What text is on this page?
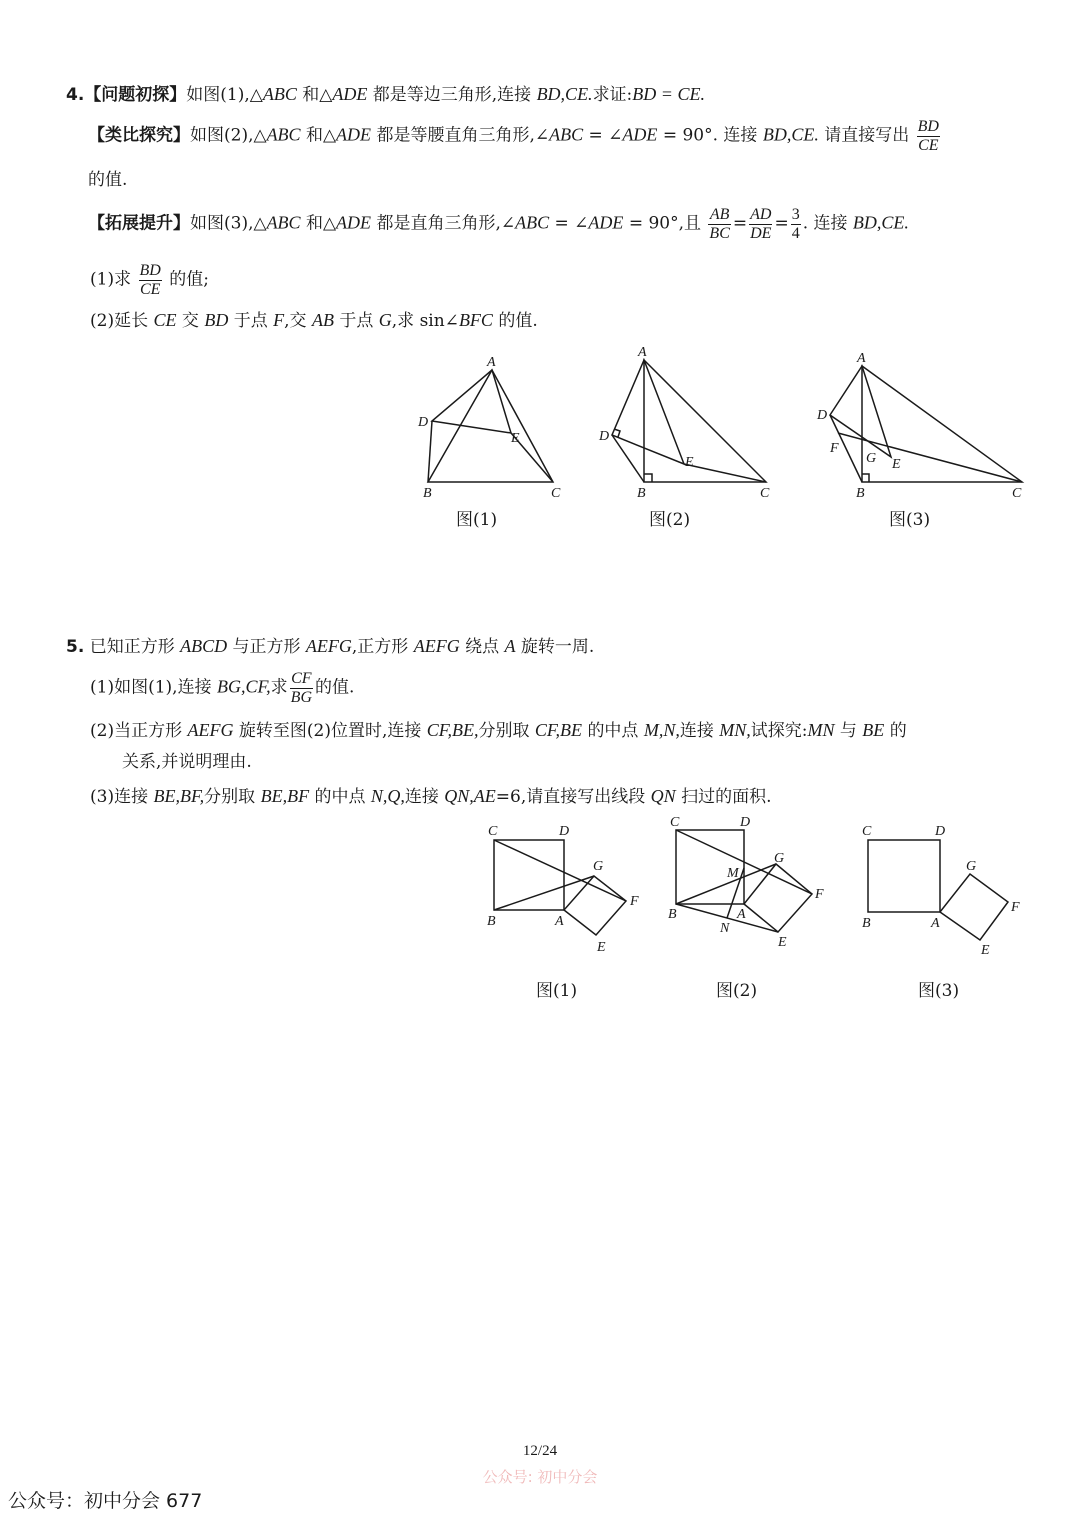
4.【问题初探】如图(1),△ABC 和△ADE 都是等边三角形,连接 BD,CE.求证:BD = CE.
【类比探究】如图(2),△ABC 和△ADE 都是等腰直角三角形,∠ABC = ∠ADE = 90°. 连接 BD,CE. 请直接写出 $\frac{BD}{CE}$
的值.
【拓展提升】如图(3),△ABC 和△ADE 都是直角三角形,∠ABC = ∠ADE = 90°,且 $\frac{AB}{BC} = \frac{AD}{DE} = \frac{3}{4}$ . 连接 BD,CE.
(1)求 $\frac{BD}{CE}$ 的值;
(2)延长 CE 交 BD 于点 F,交 AB 于点 G,求 sin∠BFC 的值.
A
D
E
B	C
A
D
E
B	C
A
D
F
G E
B	C
图(1)	图(2)	图(3)
5. 已知正方形 ABCD 与正方形 AEFG,正方形 AEFG 绕点 A 旋转一周.
(1)如图(1),连接 BG,CF,求 $\frac{CF}{BG}$ 的值.
(2)当正方形 AEFG 旋转至图(2)位置时,连接 CF,BE,分别取 CF,BE 的中点 M,N,连接 MN,试探究:MN 与 BE 的
关系,并说明理由.
(3)连接 BE,BF,分别取 BE,BF 的中点 N,Q,连接 QN,AE=6,请直接写出线段 QN 扫过的面积.
C	D
B	A
G
F
E
C	D
M
B	A
N
G
F
E
C	D
B	A
G
F
E
图(1)	图(2)	图(3)
12/24
公众号: 初中分会
公众号：初中分会 677
